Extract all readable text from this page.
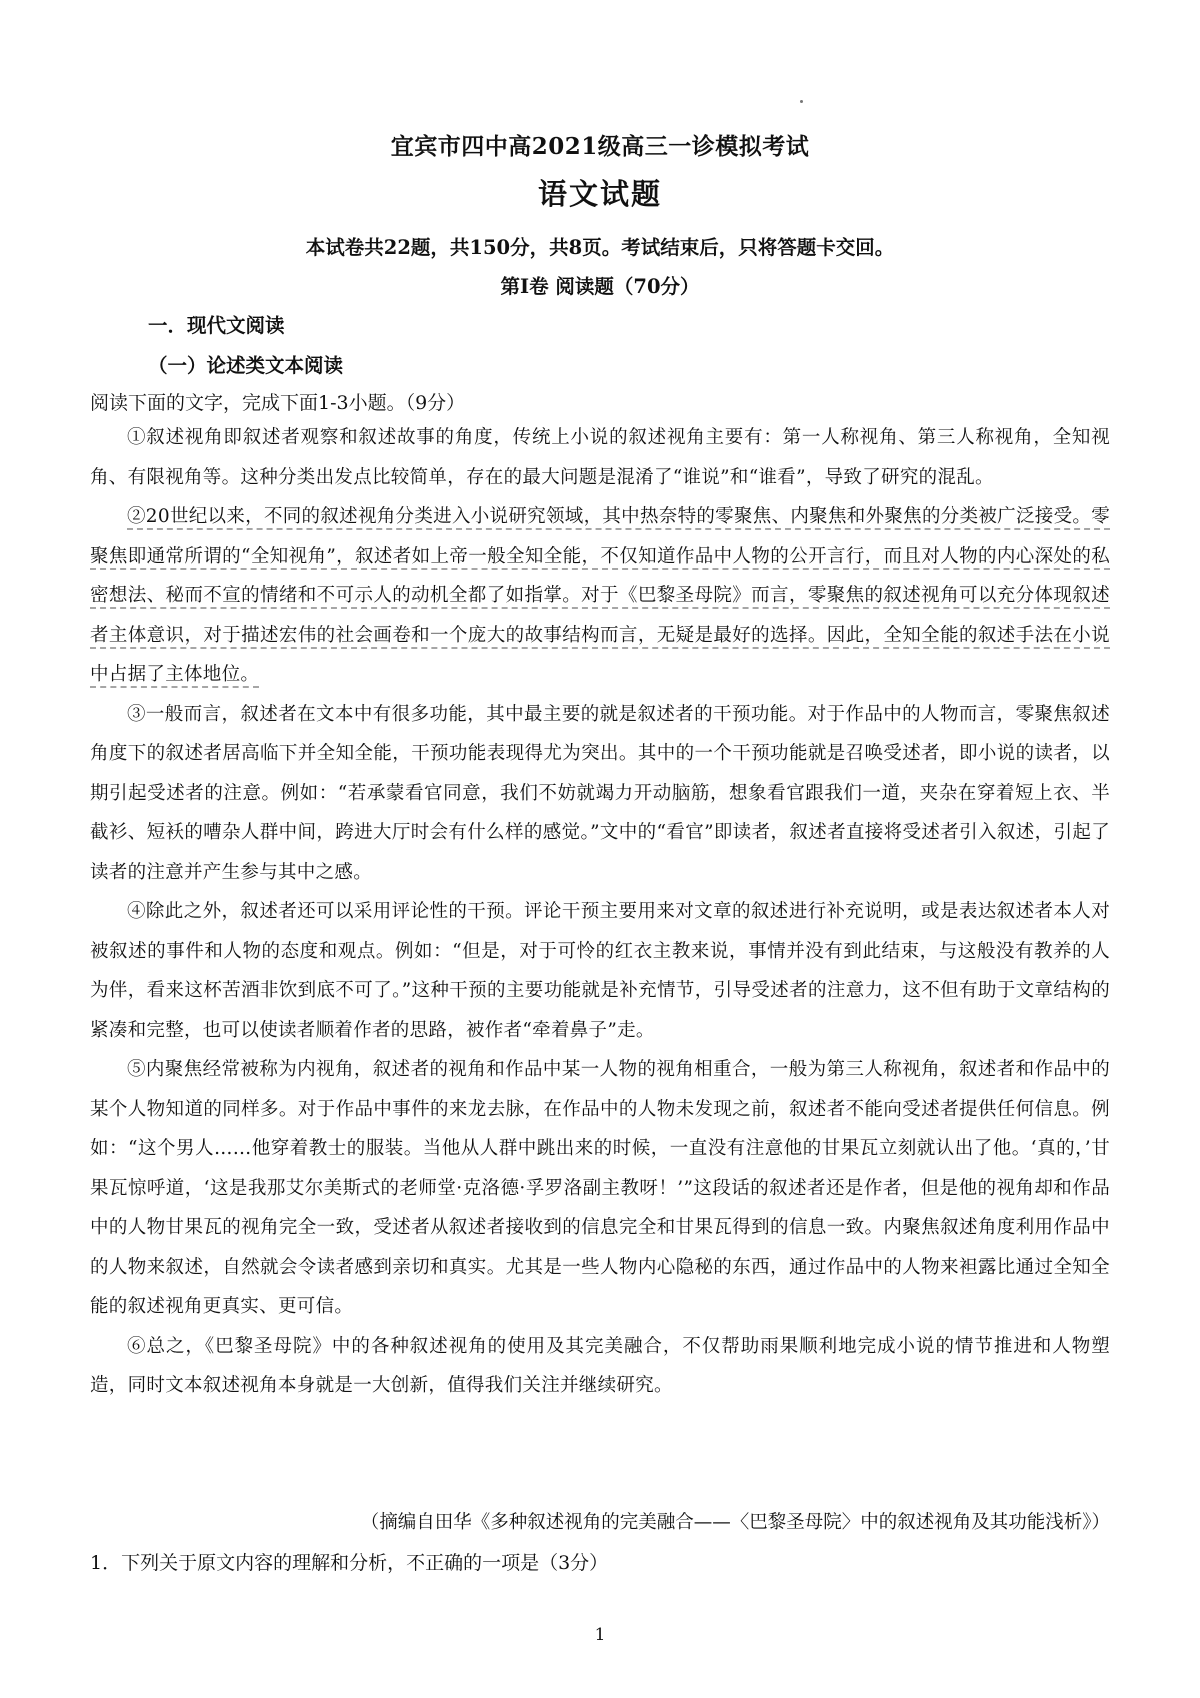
宜宾市四中高2021级高三一诊模拟考试
语文试题
本试卷共22题，共150分，共8页。考试结束后，只将答题卡交回。
第Ⅰ卷 阅读题（70分）
一．现代文阅读
（一）论述类文本阅读
阅读下面的文字，完成下面1-3小题。（9分）

①叙述视角即叙述者观察和叙述故事的角度，传统上小说的叙述视角主要有：第一人称视角、第三人称视角，全知视角、有限视角等。这种分类出发点比较简单，存在的最大问题是混淆了“谁说”和“谁看”，导致了研究的混乱。

②20世纪以来，不同的叙述视角分类进入小说研究领域，其中热奈特的零聚焦、内聚焦和外聚焦的分类被广泛接受。零聚焦即通常所谓的“全知视角”，叙述者如上帝一般全知全能，不仅知道作品中人物的公开言行，而且对人物的内心深处的私密想法、秘而不宣的情绪和不可示人的动机全都了如指掌。对于《巴黎圣母院》而言，零聚焦的叙述视角可以充分体现叙述者主体意识，对于描述宏伟的社会画卷和一个庞大的故事结构而言，无疑是最好的选择。因此，全知全能的叙述手法在小说中占据了主体地位。

③一般而言，叙述者在文本中有很多功能，其中最主要的就是叙述者的干预功能。对于作品中的人物而言，零聚焦叙述角度下的叙述者居高临下并全知全能，干预功能表现得尤为突出。其中的一个干预功能就是召唤受述者，即小说的读者，以期引起受述者的注意。例如：“若承蒙看官同意，我们不妨就竭力开动脑筋，想象看官跟我们一道，夹杂在穿着短上衣、半截衫、短袄的嘈杂人群中间，跨进大厅时会有什么样的感觉。”文中的“看官”即读者，叙述者直接将受述者引入叙述，引起了读者的注意并产生参与其中之感。

④除此之外，叙述者还可以采用评论性的干预。评论干预主要用来对文章的叙述进行补充说明，或是表达叙述者本人对被叙述的事件和人物的态度和观点。例如：“但是，对于可怜的红衣主教来说，事情并没有到此结束，与这般没有教养的人为伴，看来这杯苦酒非饮到底不可了。”这种干预的主要功能就是补充情节，引导受述者的注意力，这不但有助于文章结构的紧凑和完整，也可以使读者顺着作者的思路，被作者“牵着鼻子”走。

⑤内聚焦经常被称为内视角，叙述者的视角和作品中某一人物的视角相重合，一般为第三人称视角，叙述者和作品中的某个人物知道的同样多。对于作品中事件的来龙去脉，在作品中的人物未发现之前，叙述者不能向受述者提供任何信息。例如：“这个男人……他穿着教士的服装。当他从人群中跳出来的时候，一直没有注意他的甘果瓦立刻就认出了他。‘真的，’甘果瓦惊呼道，‘这是我那艾尔美斯式的老师堂·克洛德·孚罗洛副主教呀！’”这段话的叙述者还是作者，但是他的视角却和作品中的人物甘果瓦的视角完全一致，受述者从叙述者接收到的信息完全和甘果瓦得到的信息一致。内聚焦叙述角度利用作品中的人物来叙述，自然就会令读者感到亲切和真实。尤其是一些人物内心隐秘的东西，通过作品中的人物来袒露比通过全知全能的叙述视角更真实、更可信。

⑥总之，《巴黎圣母院》中的各种叙述视角的使用及其完美融合，不仅帮助雨果顺利地完成小说的情节推进和人物塑造，同时文本叙述视角本身就是一大创新，值得我们关注并继续研究。

（摘编自田华《多种叙述视角的完美融合——〈巴黎圣母院〉中的叙述视角及其功能浅析》）
1．下列关于原文内容的理解和分析，不正确的一项是（3分）
1
